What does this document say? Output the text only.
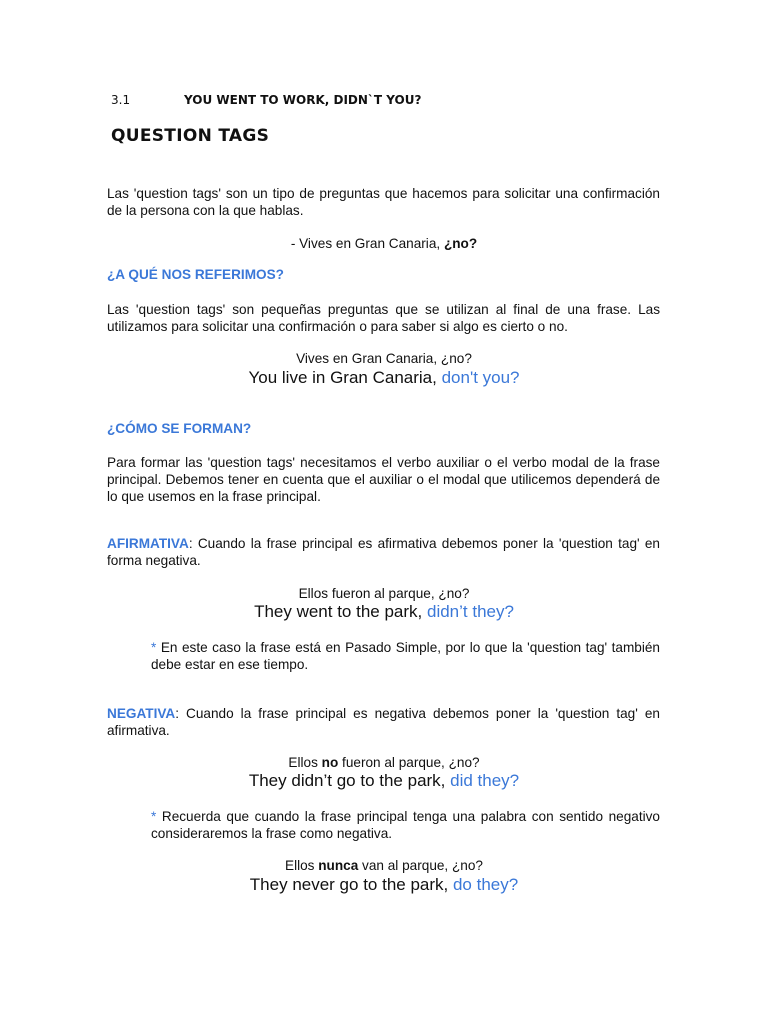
3.1	YOU WENT TO WORK, DIDN`T YOU?
QUESTION TAGS
Las 'question tags' son un tipo de preguntas que hacemos para solicitar una confirmación de la persona con la que hablas.
- Vives en Gran Canaria, ¿no?
¿A QUÉ NOS REFERIMOS?
Las 'question tags' son pequeñas preguntas que se utilizan al final de una frase. Las utilizamos para solicitar una confirmación o para saber si algo es cierto o no.
Vives en Gran Canaria, ¿no?
You live in Gran Canaria, don't you?
¿CÓMO SE FORMAN?
Para formar las 'question tags' necesitamos el verbo auxiliar o el verbo modal de la frase principal. Debemos tener en cuenta que el auxiliar o el modal que utilicemos dependerá de lo que usemos en la frase principal.
AFIRMATIVA: Cuando la frase principal es afirmativa debemos poner la 'question tag' en forma negativa.
Ellos fueron al parque, ¿no?
They went to the park, didn’t they?
* En este caso la frase está en Pasado Simple, por lo que la 'question tag' también debe estar en ese tiempo.
NEGATIVA: Cuando la frase principal es negativa debemos poner la 'question tag' en afirmativa.
Ellos no fueron al parque, ¿no?
They didn’t go to the park, did they?
* Recuerda que cuando la frase principal tenga una palabra con sentido negativo consideraremos la frase como negativa.
Ellos nunca van al parque, ¿no?
They never go to the park, do they?
